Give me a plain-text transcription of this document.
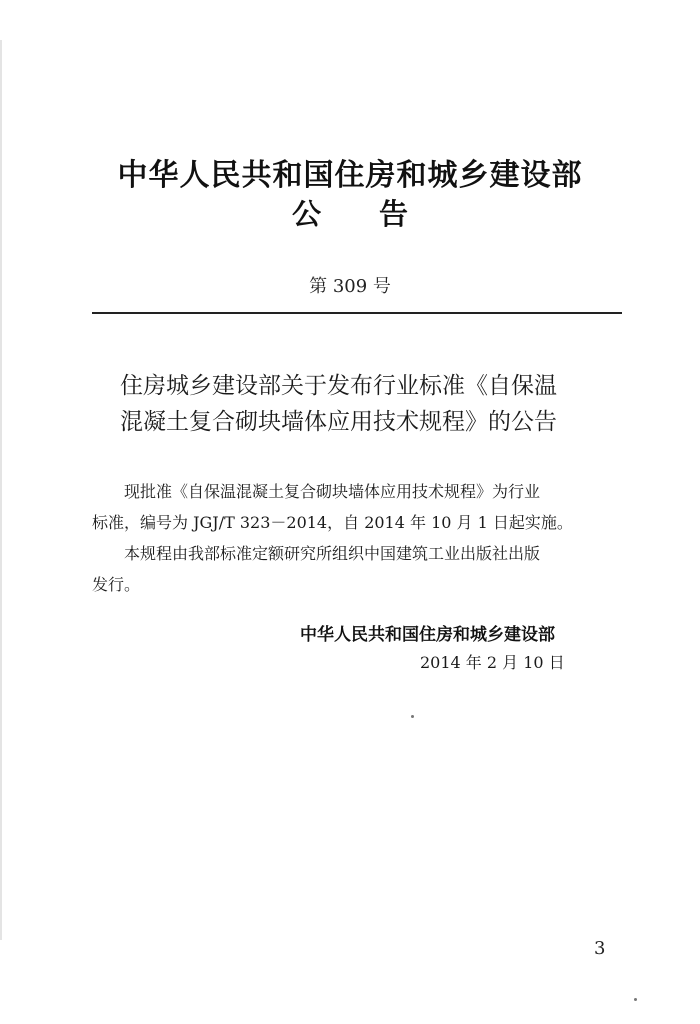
中华人民共和国住房和城乡建设部
公　　告
第 309 号
住房城乡建设部关于发布行业标准《自保温
混凝土复合砌块墙体应用技术规程》的公告

现批准《自保温混凝土复合砌块墙体应用技术规程》为行业

标准，编号为 JGJ/T 323－2014，自 2014 年 10 月 1 日起实施。

本规程由我部标准定额研究所组织中国建筑工业出版社出版

发行。

中华人民共和国住房和城乡建设部
2014 年 2 月 10 日
3
